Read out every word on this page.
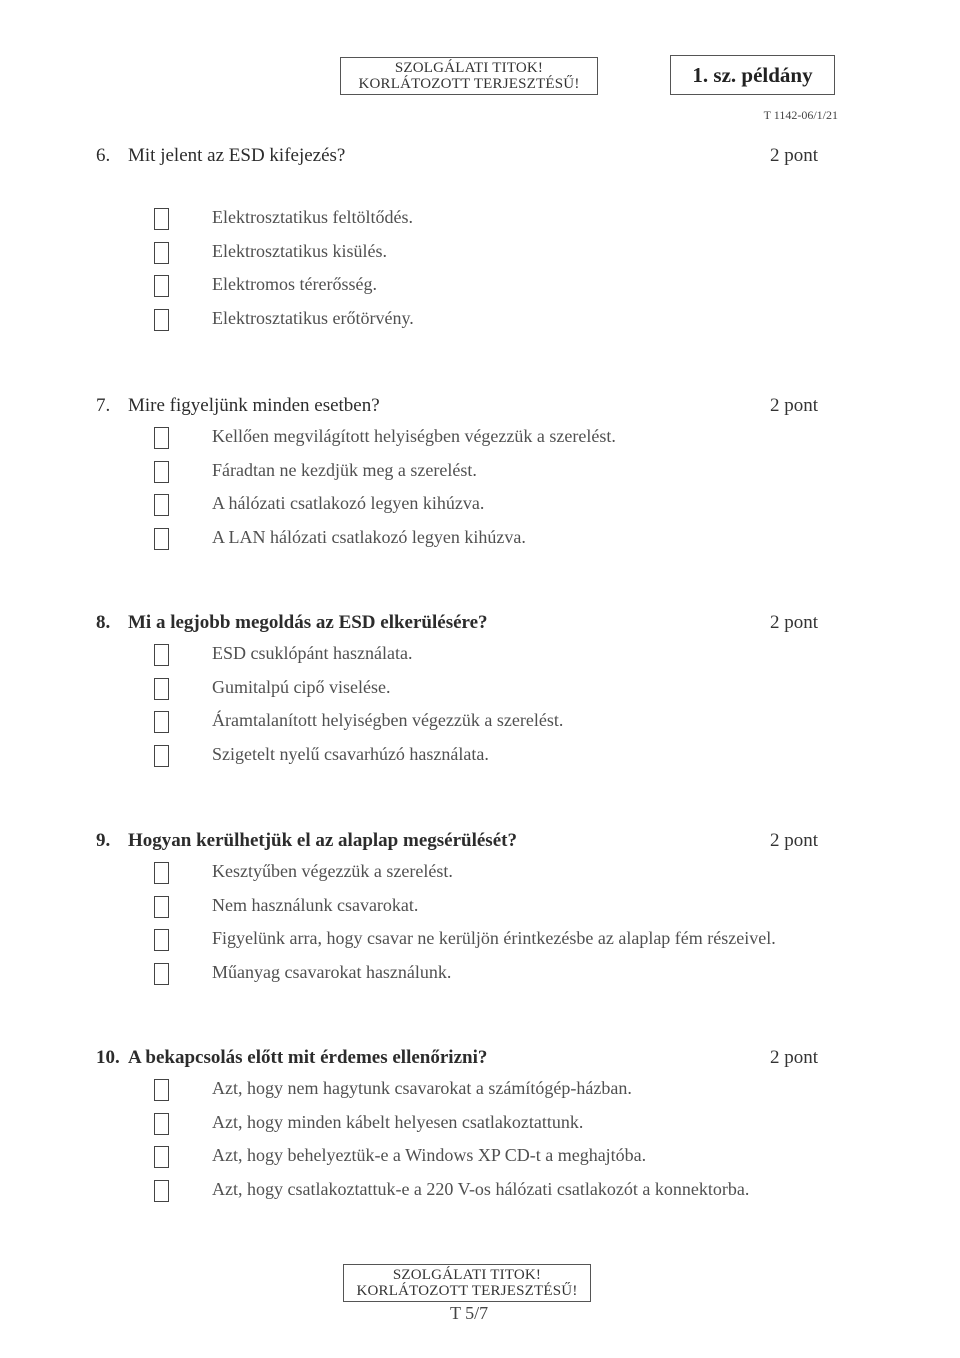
SZOLGÁLATI TITOK!
KORLÁTOZOTT TERJESZTÉSŰ!	1. sz. példány
T 1142-06/1/21
6. Mit jelent az ESD kifejezés?	2 pont
Elektrosztatikus feltöltődés.
Elektrosztatikus kisülés.
Elektromos térerősség.
Elektrosztatikus erőtörvény.
7. Mire figyeljünk minden esetben?	2 pont
Kellően megvilágított helyiségben végezzük a szerelést.
Fáradtan ne kezdjük meg a szerelést.
A hálózati csatlakozó legyen kihúzva.
A LAN hálózati csatlakozó legyen kihúzva.
8. Mi a legjobb megoldás az ESD elkerülésére?	2 pont
ESD csuklópánt használata.
Gumitalpú cipő viselése.
Áramtalanított helyiségben végezzük a szerelést.
Szigetelt nyelű csavarhúzó használata.
9. Hogyan kerülhetjük el az alaplap megsérülését?	2 pont
Kesztyűben végezzük a szerelést.
Nem használunk csavarokat.
Figyelünk arra, hogy csavar ne kerüljön érintkezésbe az alaplap fém részeivel.
Műanyag csavarokat használunk.
10. A bekapcsolás előtt mit érdemes ellenőrizni?	2 pont
Azt, hogy nem hagytunk csavarokat a számítógép-házban.
Azt, hogy minden kábelt helyesen csatlakoztattunk.
Azt, hogy behelyeztük-e a Windows XP CD-t a meghajtóba.
Azt, hogy csatlakoztattuk-e a 220 V-os hálózati csatlakozót a konnektorba.
SZOLGÁLATI TITOK!
KORLÁTOZOTT TERJESZTÉSŰ!
T 5/7
